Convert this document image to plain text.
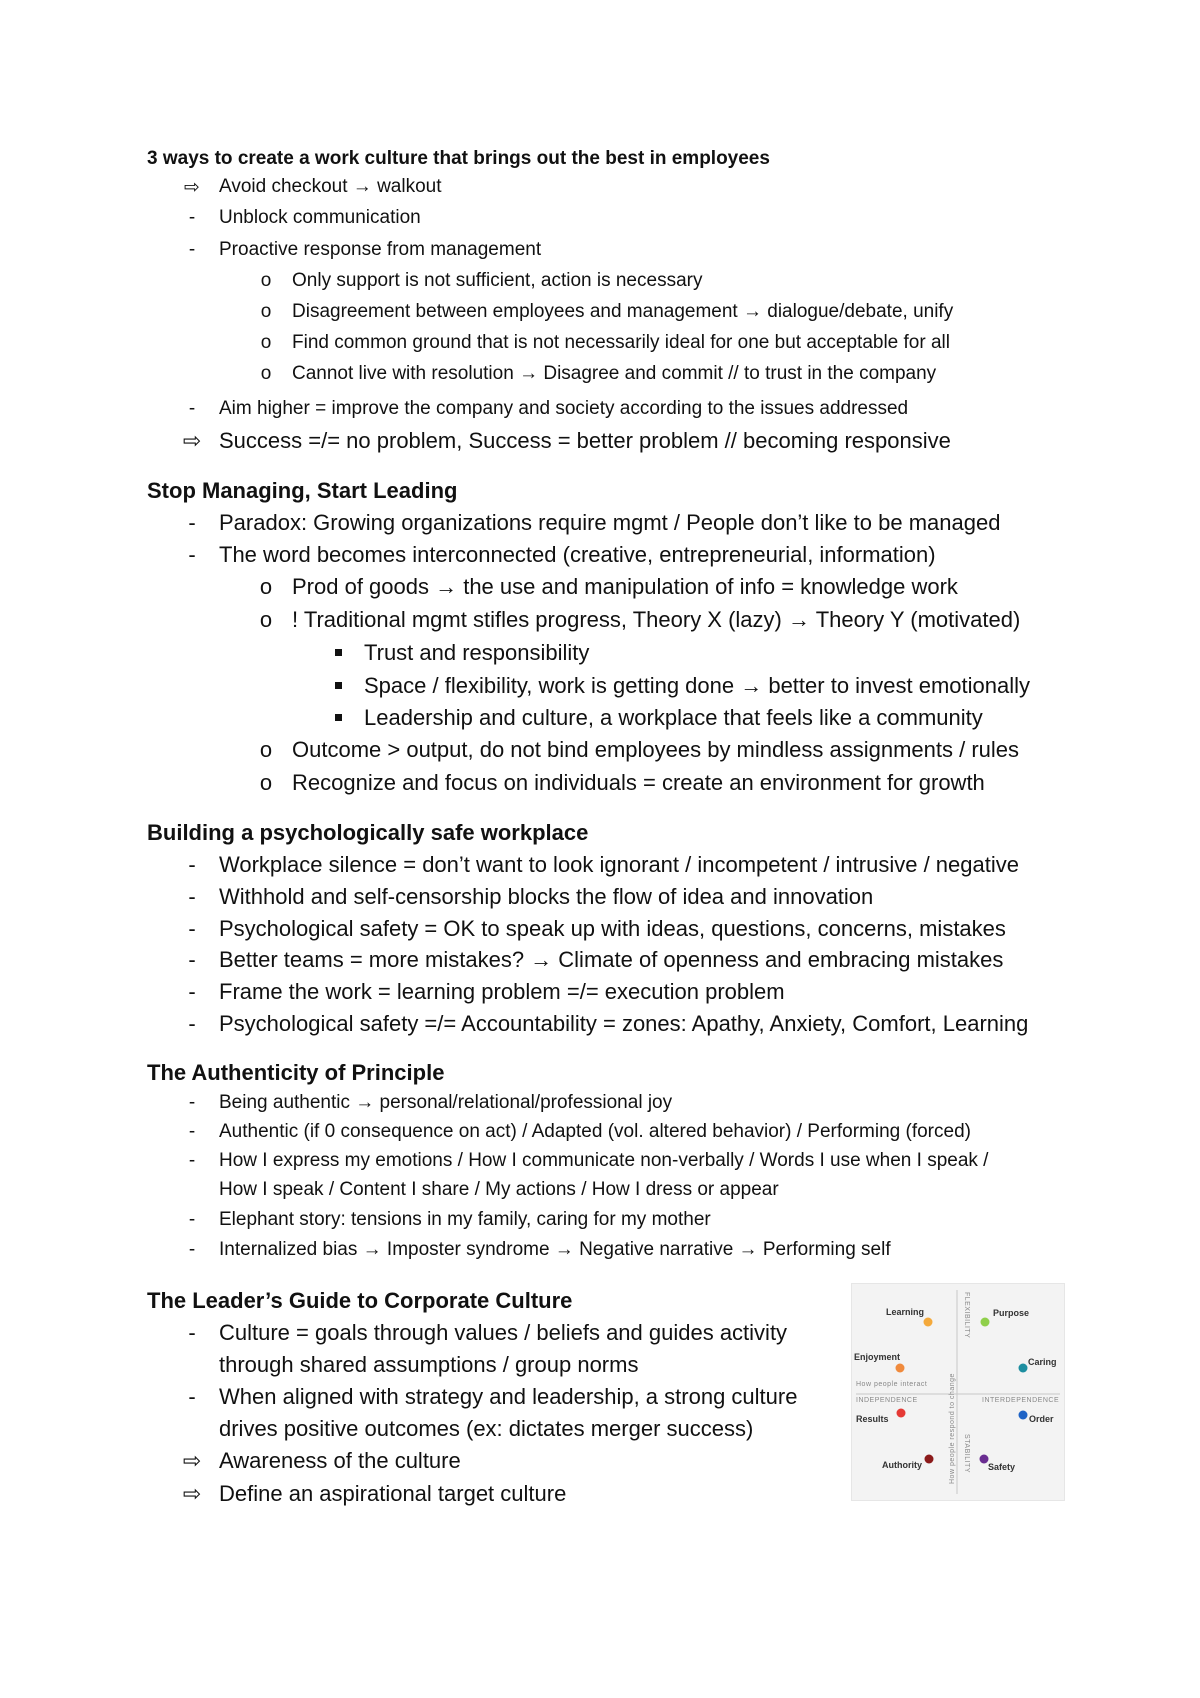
3 ways to create a work culture that brings out the best in employees
⇨ Avoid checkout → walkout
-	Unblock communication
-	Proactive response from management
o	Only support is not sufficient, action is necessary
o	Disagreement between employees and management → dialogue/debate, unify
o	Find common ground that is not necessarily ideal for one but acceptable for all
o	Cannot live with resolution → Disagree and commit // to trust in the company
-	Aim higher = improve the company and society according to the issues addressed
⇨ Success =/= no problem, Success = better problem // becoming responsive
Stop Managing, Start Leading
-	Paradox: Growing organizations require mgmt / People don’t like to be managed
-	The word becomes interconnected (creative, entrepreneurial, information)
o Prod of goods → the use and manipulation of info = knowledge work
o ! Traditional mgmt stifles progress, Theory X (lazy) → Theory Y (motivated)
Trust and responsibility
Space / flexibility, work is getting done → better to invest emotionally
Leadership and culture, a workplace that feels like a community
o Outcome > output, do not bind employees by mindless assignments / rules
o Recognize and focus on individuals = create an environment for growth
Building a psychologically safe workplace
-	Workplace silence = don’t want to look ignorant / incompetent / intrusive / negative
-	Withhold and self-censorship blocks the flow of idea and innovation
-	Psychological safety = OK to speak up with ideas, questions, concerns, mistakes
-	Better teams = more mistakes? → Climate of openness and embracing mistakes
-	Frame the work = learning problem =/= execution problem
-	Psychological safety =/= Accountability = zones: Apathy, Anxiety, Comfort, Learning
The Authenticity of Principle
-	Being authentic → personal/relational/professional joy
-	Authentic (if 0 consequence on act) / Adapted (vol. altered behavior) / Performing (forced)
-	How I express my emotions / How I communicate non-verbally / Words I use when I speak /
How I speak / Content I share / My actions / How I dress or appear
-	Elephant story: tensions in my family, caring for my mother
-	Internalized bias → Imposter syndrome → Negative narrative → Performing self
The Leader’s Guide to Corporate Culture
-	Culture = goals through values / beliefs and guides activity
through shared assumptions / group norms
-	When aligned with strategy and leadership, a strong culture
drives positive outcomes (ex: dictates merger success)
⇨ Awareness of the culture
⇨ Define an aspirational target culture
FLEXIBILITY
STABILITY
INDEPENDENCE	INTERDEPENDENCE
How people interact	How people respond to change
Learning	Purpose
Enjoyment	Caring
Results	Order
Authority	Safety
